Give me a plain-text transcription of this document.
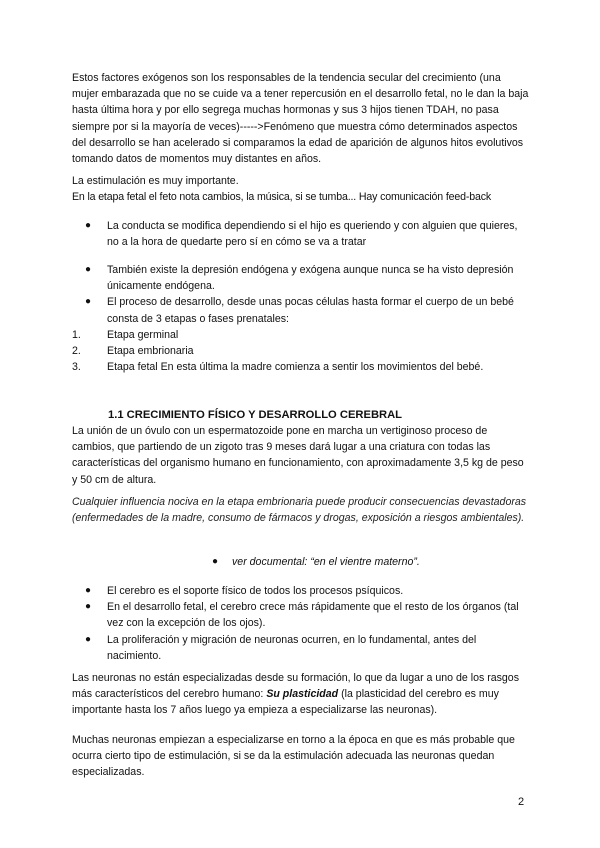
Estos factores exógenos son los responsables de la tendencia secular del crecimiento (una mujer embarazada que no se cuide va a tener repercusión en el desarrollo fetal, no le dan la baja hasta última hora y por ello segrega muchas hormonas y sus 3 hijos tienen TDAH, no pasa siempre por si la mayoría de veces)----->Fenómeno que muestra cómo determinados aspectos del desarrollo se han acelerado si comparamos la edad de aparición de algunos hitos evolutivos tomando datos de momentos muy distantes en años.

La estimulación es muy importante.

En la etapa fetal el feto nota cambios, la música, si se tumba... Hay comunicación feed-back

● La conducta se modifica dependiendo si el hijo es queriendo y con alguien que quieres, no a la hora de quedarte pero sí en cómo se va a tratar
● También existe la depresión endógena y exógena aunque nunca se ha visto depresión únicamente endógena.
● El proceso de desarrollo, desde unas pocas células hasta formar el cuerpo de un bebé consta de 3 etapas o fases prenatales:
1. Etapa germinal
2. Etapa embrionaria
3. Etapa fetal En esta última la madre comienza a sentir los movimientos del bebé.
1.1 CRECIMIENTO FÍSICO Y DESARROLLO CEREBRAL

La unión de un óvulo con un espermatozoide pone en marcha un vertiginoso proceso de cambios, que partiendo de un zigoto tras 9 meses dará lugar a una criatura con todas las características del organismo humano en funcionamiento, con aproximadamente 3,5 kg de peso y 50 cm de altura.

Cualquier influencia nociva en la etapa embrionaria puede producir consecuencias devastadoras (enfermedades de la madre, consumo de fármacos y drogas, exposición a riesgos ambientales).

● ver documental: “en el vientre materno”.
● El cerebro es el soporte físico de todos los procesos psíquicos.
● En el desarrollo fetal, el cerebro crece más rápidamente que el resto de los órganos (tal vez con la excepción de los ojos).
● La proliferación y migración de neuronas ocurren, en lo fundamental, antes del nacimiento.

Las neuronas no están especializadas desde su formación, lo que da lugar a uno de los rasgos más característicos del cerebro humano: Su plasticidad (la plasticidad del cerebro es muy importante hasta los 7 años luego ya empieza a especializarse las neuronas).

Muchas neuronas empiezan a especializarse en torno a la época en que es más probable que ocurra cierto tipo de estimulación, si se da la estimulación adecuada las neuronas quedan especializadas.

2
